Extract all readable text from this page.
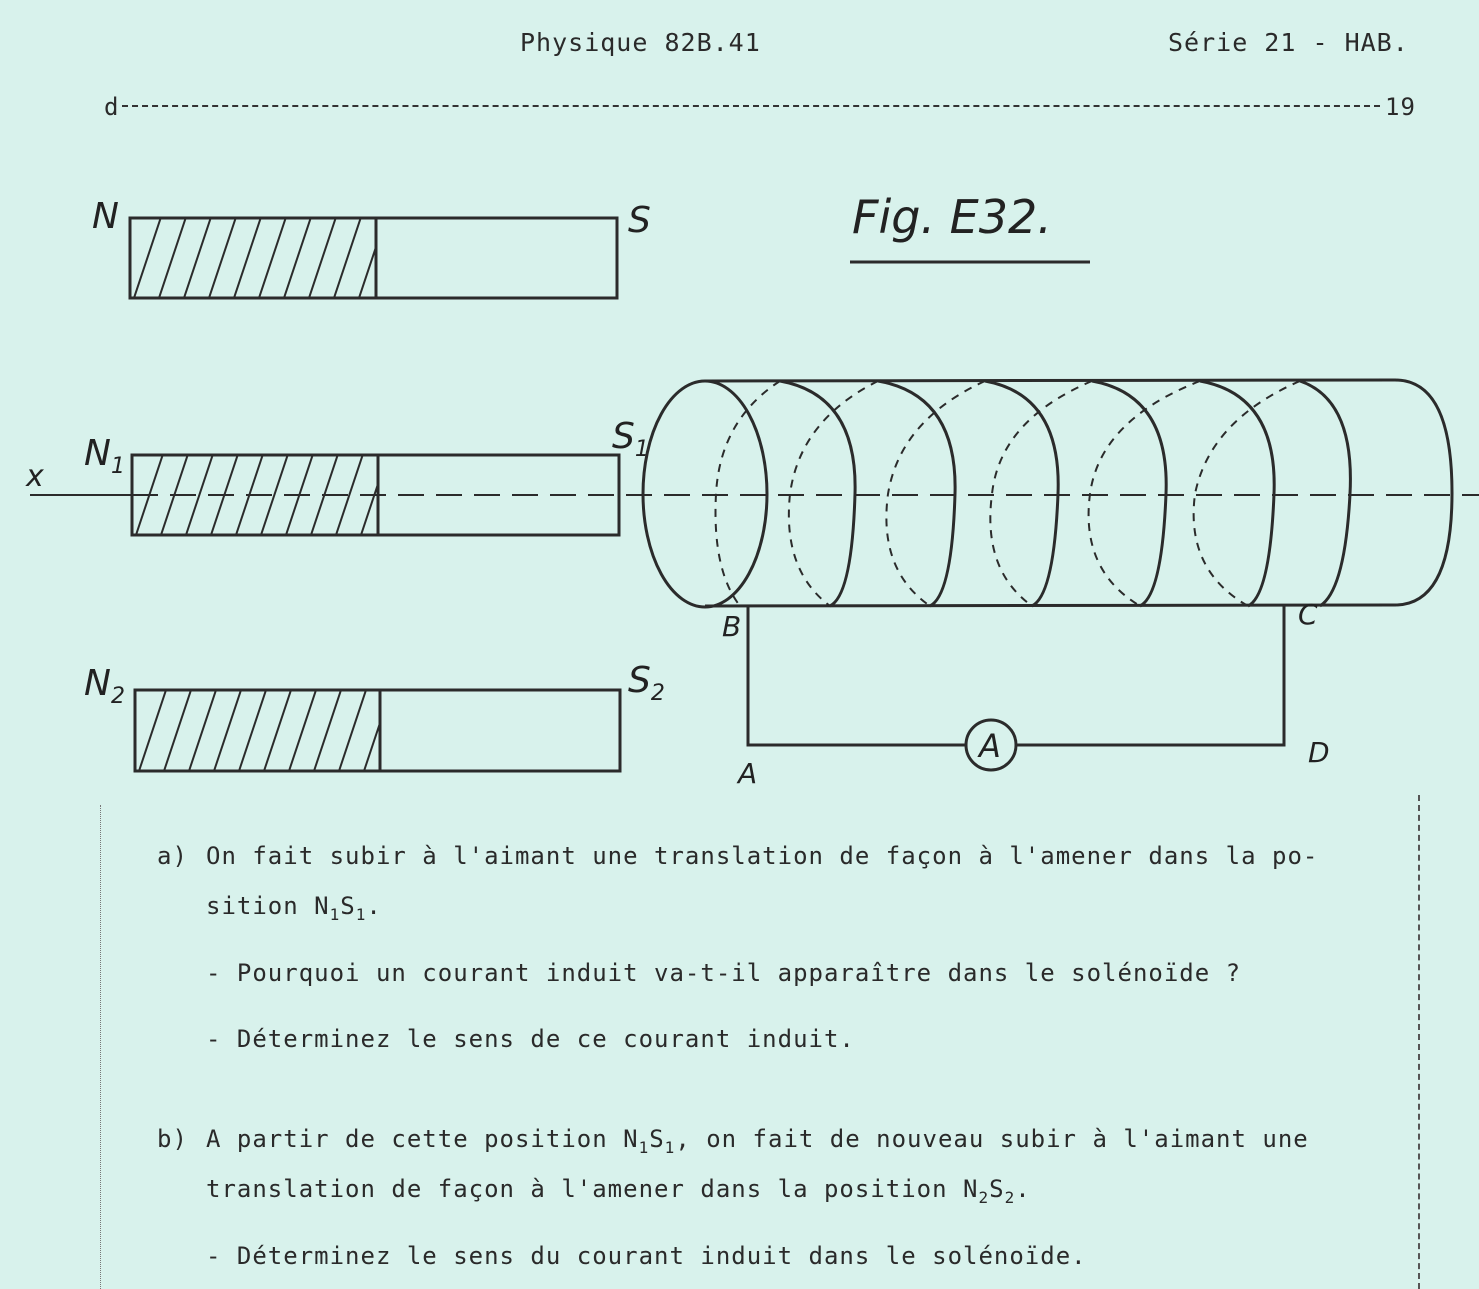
Physique 82B.41	Série 21 - HAB.
d	19
Fig. E32.
N	S
x
$N_1$
$S_1$
$N_2$	$S_2$
A
A
B	C
D
a) On fait subir à l'aimant une translation de façon à l'amener dans la po-
sition $N_1S_1$.
- Pourquoi un courant induit va-t-il apparaître dans le solénoïde ?
- Déterminez le sens de ce courant induit.
b) A partir de cette position $N_1S_1$, on fait de nouveau subir à l'aimant une
translation de façon à l'amener dans la position $N_2S_2$.
- Déterminez le sens du courant induit dans le solénoïde.
